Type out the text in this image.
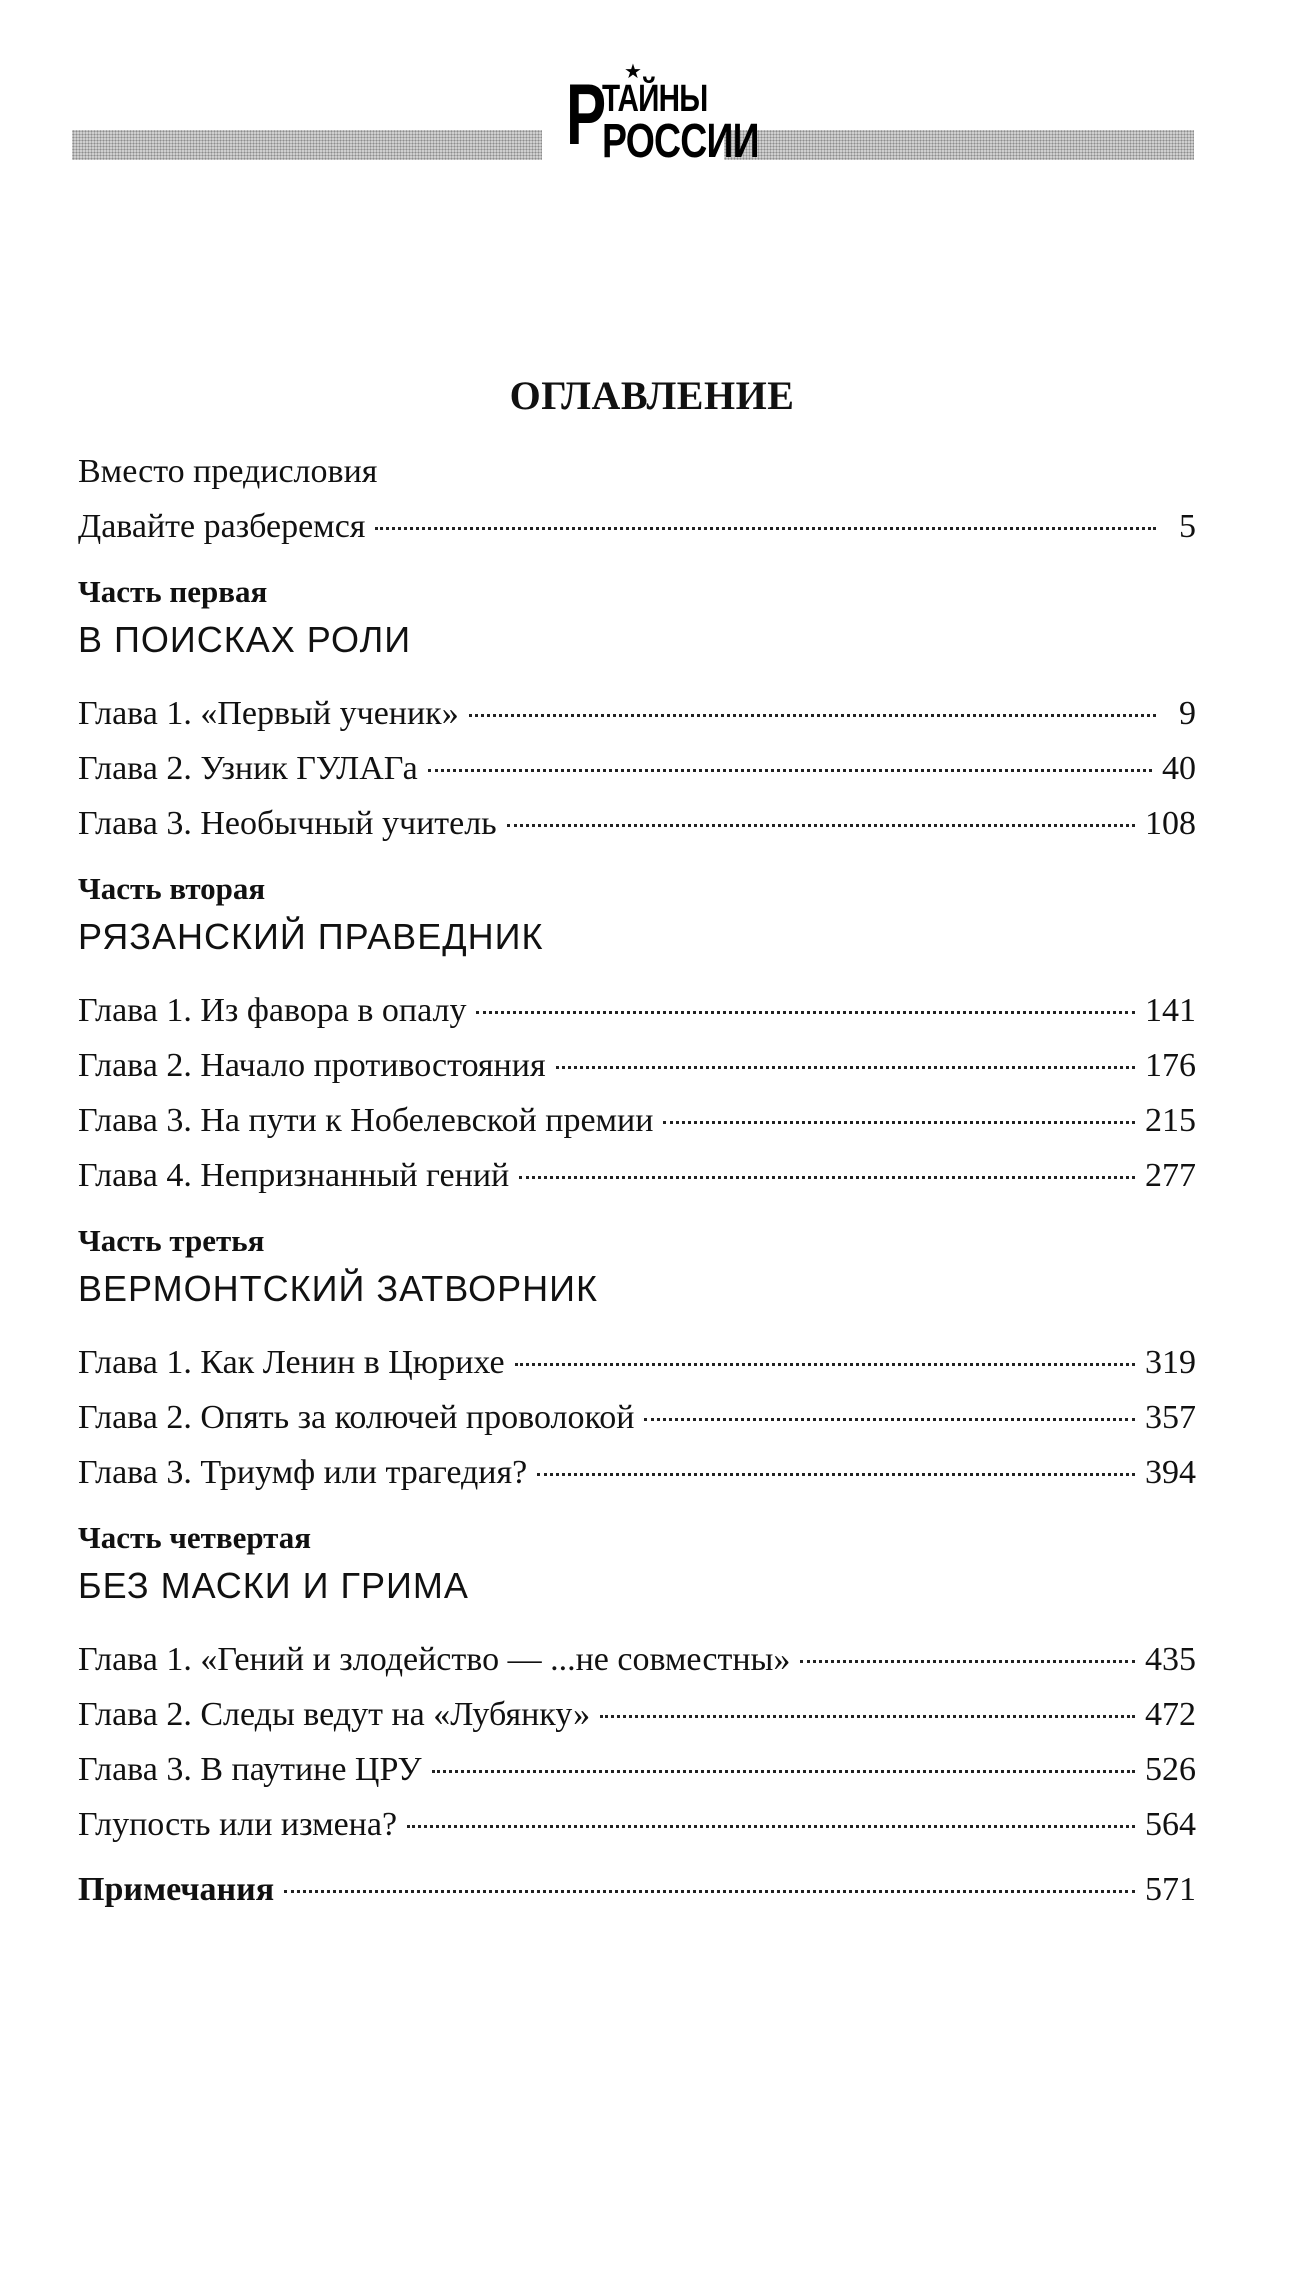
Р ★
ТАЙНЫ
РОССИИ
ОГЛАВЛЕНИЕ
Вместо предисловия
Давайте разберемся	5
Часть первая
В ПОИСКАХ РОЛИ
Глава 1. «Первый ученик»	9
Глава 2. Узник ГУЛАГа	40
Глава 3. Необычный учитель	108
Часть вторая
РЯЗАНСКИЙ ПРАВЕДНИК
Глава 1. Из фавора в опалу	141
Глава 2. Начало противостояния	176
Глава 3. На пути к Нобелевской премии	215
Глава 4. Непризнанный гений	277
Часть третья
ВЕРМОНТСКИЙ ЗАТВОРНИК
Глава 1. Как Ленин в Цюрихе	319
Глава 2. Опять за колючей проволокой	357
Глава 3. Триумф или трагедия?	394
Часть четвертая
БЕЗ МАСКИ И ГРИМА
Глава 1. «Гений и злодейство — ...не совместны»	435
Глава 2. Следы ведут на «Лубянку»	472
Глава 3. В паутине ЦРУ	526
Глупость или измена?	564
Примечания	571
